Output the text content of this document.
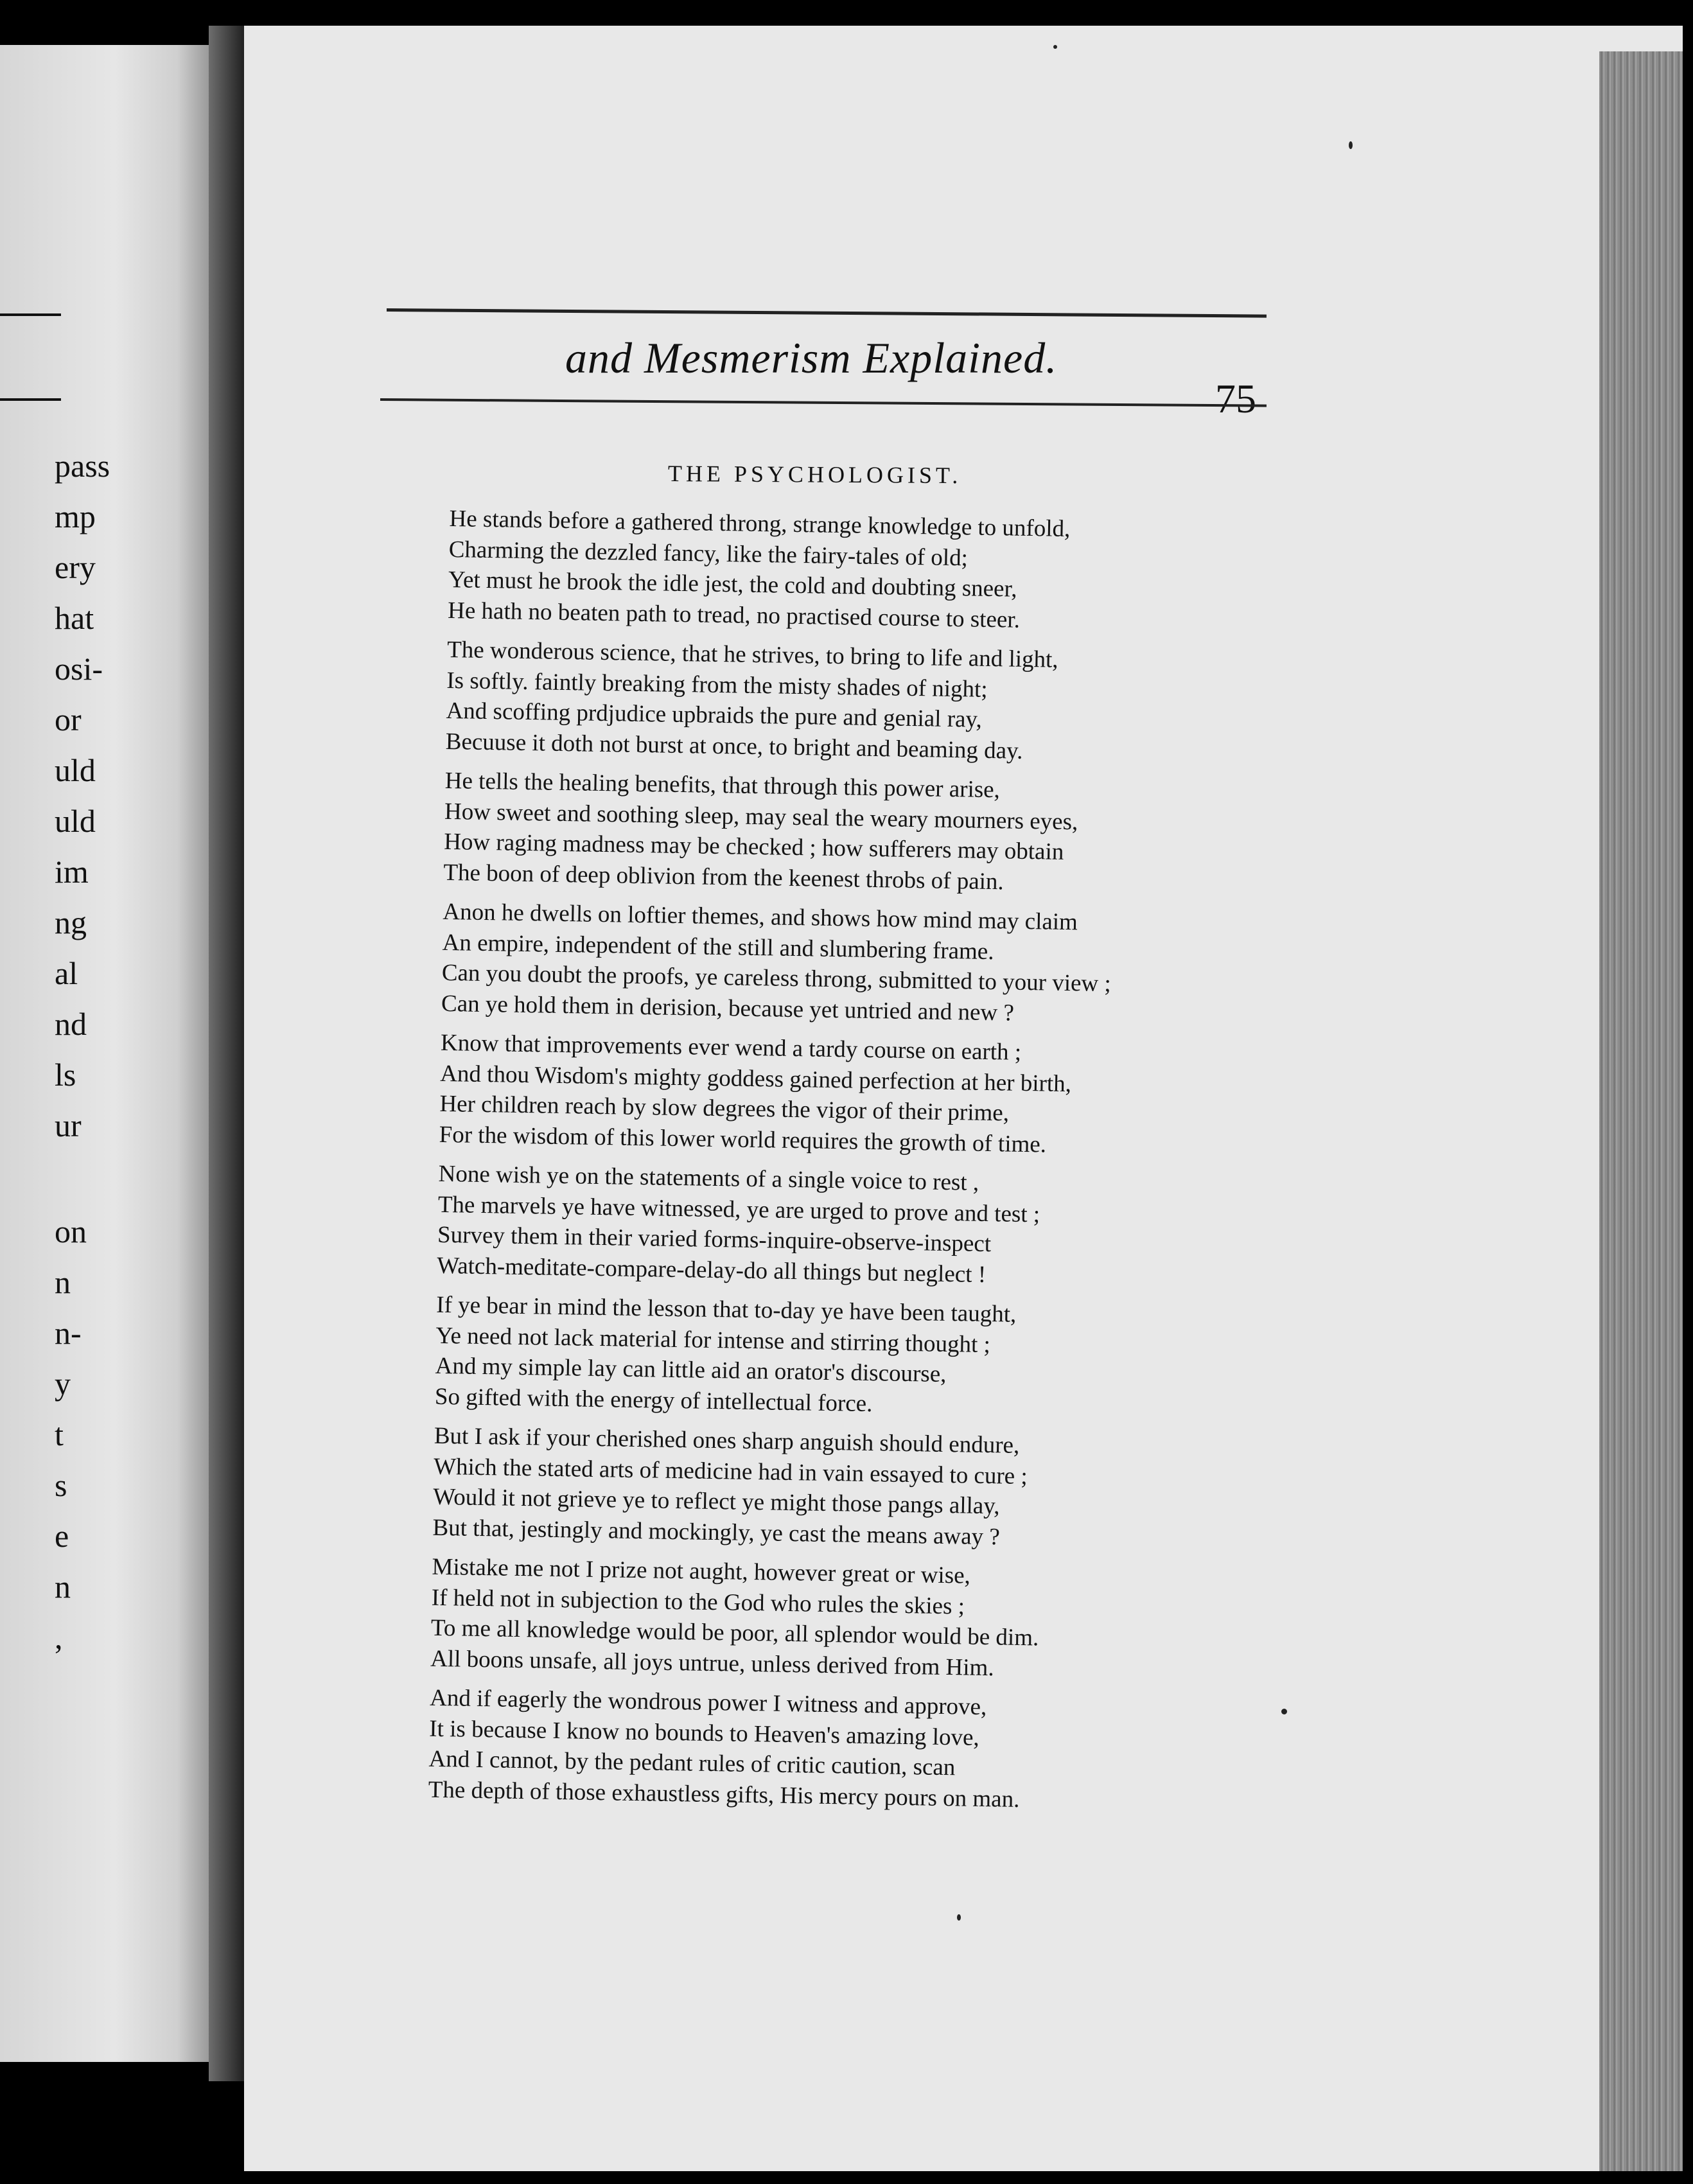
pass
mp
ery
hat
osi-
or
uld
uld
im
ng
al
nd
ls
ur
on
n
n-
y
t
s
e
n
,
and Mesmerism Explained.
75
THE PSYCHOLOGIST.
He stands before a gathered throng, strange knowledge to unfold,
Charming the dezzled fancy, like the fairy-tales of old;
Yet must he brook the idle jest, the cold and doubting sneer,
He hath no beaten path to tread, no practised course to steer.
The wonderous science, that he strives, to bring to life and light,
Is softly. faintly breaking from the misty shades of night;
And scoffing prdjudice upbraids the pure and genial ray,
Becuuse it doth not burst at once, to bright and beaming day.
He tells the healing benefits, that through this power arise,
How sweet and soothing sleep, may seal the weary mourners eyes,
How raging madness may be checked ; how sufferers may obtain
The boon of deep oblivion from the keenest throbs of pain.
Anon he dwells on loftier themes, and shows how mind may claim
An empire, independent of the still and slumbering frame.
Can you doubt the proofs, ye careless throng, submitted to your view ;
Can ye hold them in derision, because yet untried and new ?
Know that improvements ever wend a tardy course on earth ;
And thou Wisdom's mighty goddess gained perfection at her birth,
Her children reach by slow degrees the vigor of their prime,
For the wisdom of this lower world requires the growth of time.
None wish ye on the statements of a single voice to rest ,
The marvels ye have witnessed, ye are urged to prove and test ;
Survey them in their varied forms-inquire-observe-inspect
Watch-meditate-compare-delay-do all things but neglect !
If ye bear in mind the lesson that to-day ye have been taught,
Ye need not lack material for intense and stirring thought ;
And my simple lay can little aid an orator's discourse,
So gifted with the energy of intellectual force.
But I ask if your cherished ones sharp anguish should endure,
Which the stated arts of medicine had in vain essayed to cure ;
Would it not grieve ye to reflect ye might those pangs allay,
But that, jestingly and mockingly, ye cast the means away ?
Mistake me not I prize not aught, however great or wise,
If held not in subjection to the God who rules the skies ;
To me all knowledge would be poor, all splendor would be dim.
All boons unsafe, all joys untrue, unless derived from Him.
And if eagerly the wondrous power I witness and approve,
It is because I know no bounds to Heaven's amazing love,
And I cannot, by the pedant rules of critic caution, scan
The depth of those exhaustless gifts, His mercy pours on man.
